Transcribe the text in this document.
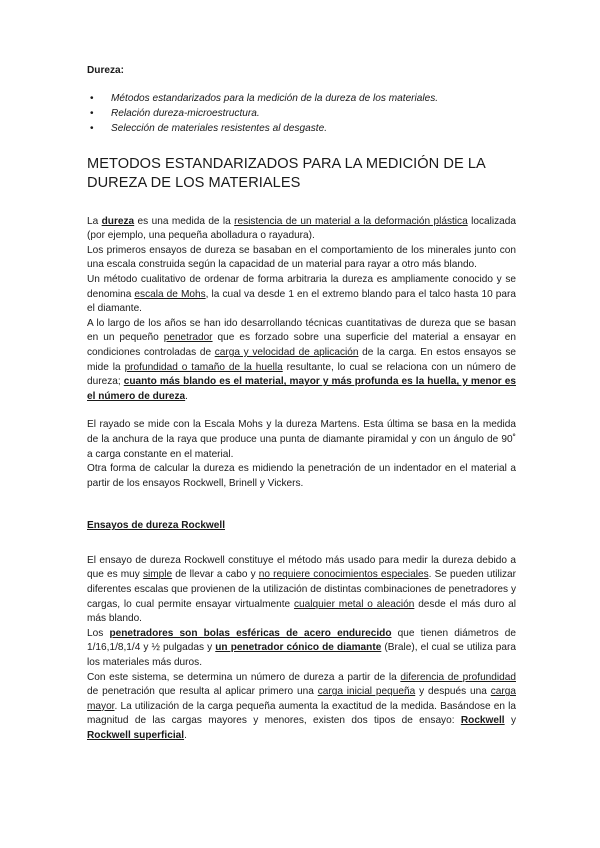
Dureza:
• Métodos estandarizados para la medición de la dureza de los materiales.
• Relación dureza-microestructura.
• Selección de materiales resistentes al desgaste.
METODOS ESTANDARIZADOS PARA LA MEDICIÓN DE LA
DUREZA DE LOS MATERIALES

La dureza es una medida de la resistencia de un material a la deformación plástica localizada (por ejemplo, una pequeña abolladura o rayadura).

Los primeros ensayos de dureza se basaban en el comportamiento de los minerales junto con una escala construida según la capacidad de un material para rayar a otro más blando.

Un método cualitativo de ordenar de forma arbitraria la dureza es ampliamente conocido y se denomina escala de Mohs, la cual va desde 1 en el extremo blando para el talco hasta 10 para el diamante.

A lo largo de los años se han ido desarrollando técnicas cuantitativas de dureza que se basan en un pequeño penetrador que es forzado sobre una superficie del material a ensayar en condiciones controladas de carga y velocidad de aplicación de la carga. En estos ensayos se mide la profundidad o tamaño de la huella resultante, lo cual se relaciona con un número de dureza; cuanto más blando es el material, mayor y más profunda es la huella, y menor es el número de dureza.

El rayado se mide con la Escala Mohs y la dureza Martens. Esta última se basa en la medida de la anchura de la raya que produce una punta de diamante piramidal y con un ángulo de 90˚ a carga constante en el material.

Otra forma de calcular la dureza es midiendo la penetración de un indentador en el material a partir de los ensayos Rockwell, Brinell y Vickers.

Ensayos de dureza Rockwell

El ensayo de dureza Rockwell constituye el método más usado para medir la dureza debido a que es muy simple de llevar a cabo y no requiere conocimientos especiales. Se pueden utilizar diferentes escalas que provienen de la utilización de distintas combinaciones de penetradores y cargas, lo cual permite ensayar virtualmente cualquier metal o aleación desde el más duro al más blando.

Los penetradores son bolas esféricas de acero endurecido que tienen diámetros de 1/16,1/8,1/4 y ½ pulgadas y un penetrador cónico de diamante (Brale), el cual se utiliza para los materiales más duros.

Con este sistema, se determina un número de dureza a partir de la diferencia de profundidad de penetración que resulta al aplicar primero una carga inicial pequeña y después una carga mayor. La utilización de la carga pequeña aumenta la exactitud de la medida. Basándose en la magnitud de las cargas mayores y menores, existen dos tipos de ensayo: Rockwell y Rockwell superficial.
